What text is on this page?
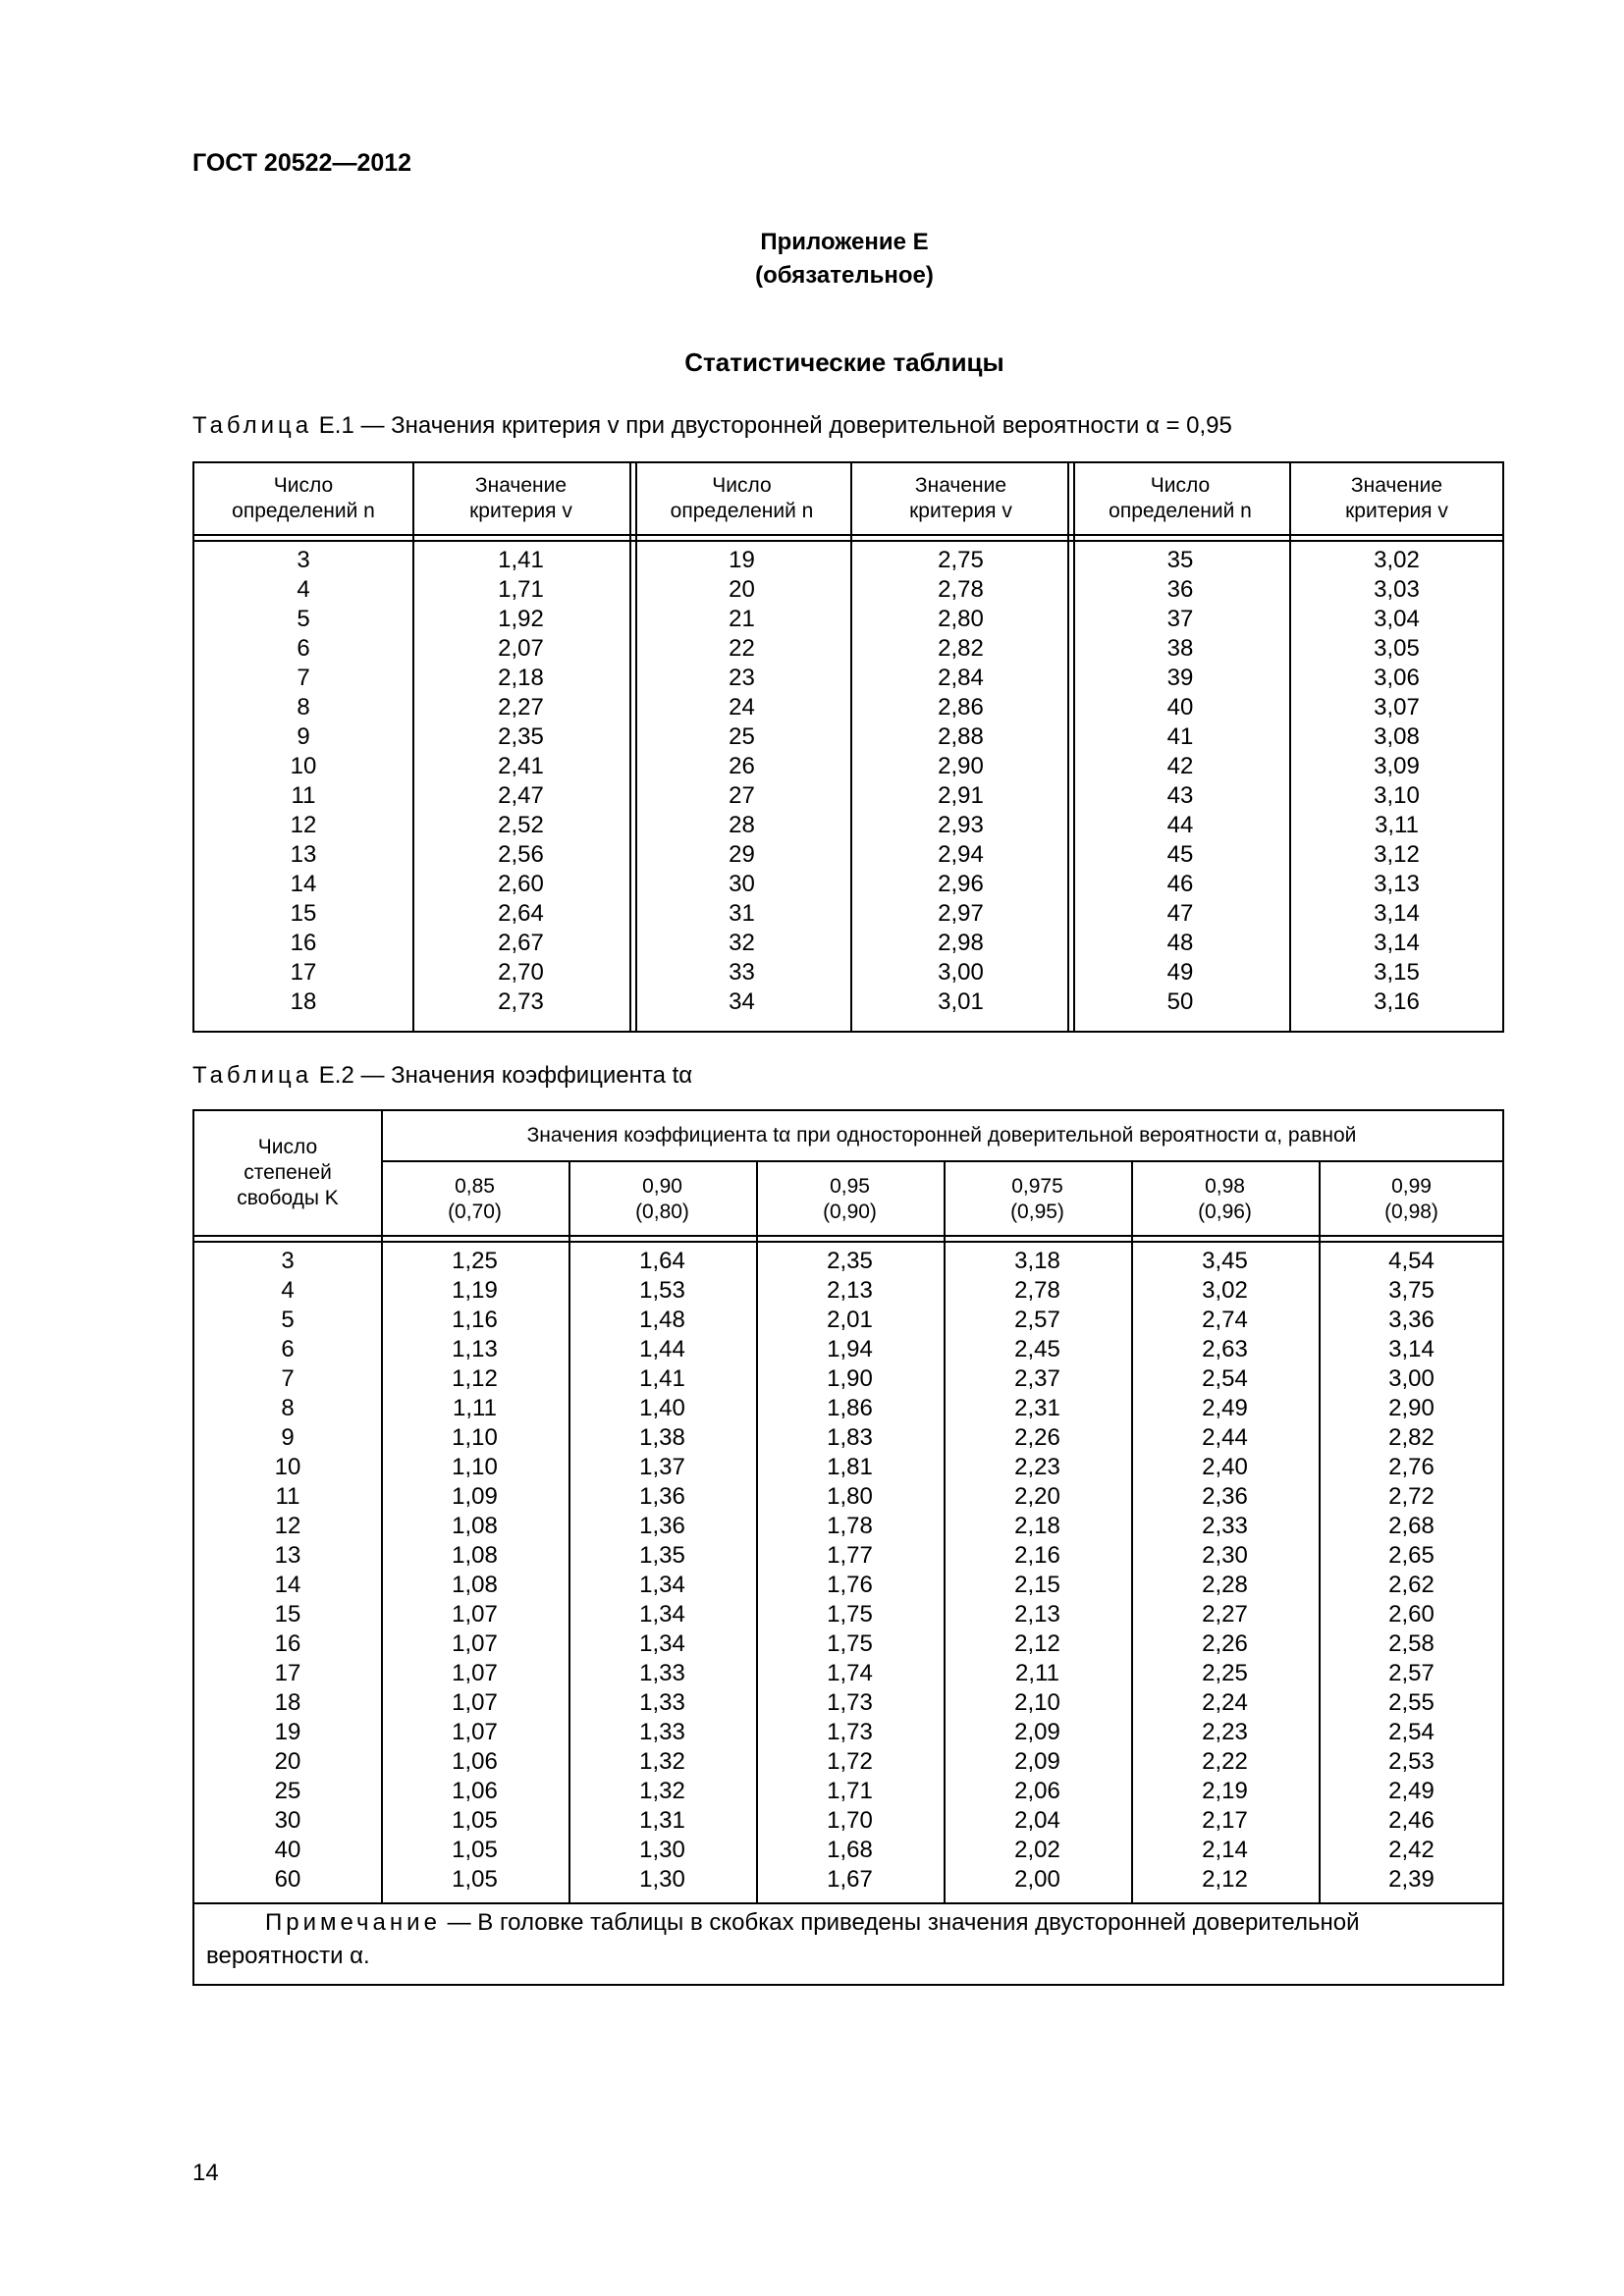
ГОСТ 20522—2012
Приложение Е
(обязательное)
Статистические таблицы
Таблица Е.1 — Значения критерия v при двусторонней доверительной вероятности α = 0,95
Число
определений n
Значение
критерия v
Число
определений n
Значение
критерия v
Число
определений n
Значение
критерия v
3
4
5
6
7
8
9
10
11
12
13
14
15
16
17
18
1,41
1,71
1,92
2,07
2,18
2,27
2,35
2,41
2,47
2,52
2,56
2,60
2,64
2,67
2,70
2,73
19
20
21
22
23
24
25
26
27
28
29
30
31
32
33
34
2,75
2,78
2,80
2,82
2,84
2,86
2,88
2,90
2,91
2,93
2,94
2,96
2,97
2,98
3,00
3,01
35
36
37
38
39
40
41
42
43
44
45
46
47
48
49
50
3,02
3,03
3,04
3,05
3,06
3,07
3,08
3,09
3,10
3,11
3,12
3,13
3,14
3,14
3,15
3,16
Таблица Е.2 — Значения коэффициента tα
Число
степеней
свободы K
Значения коэффициента tα при односторонней доверительной вероятности α, равной
0,85
(0,70)
0,90
(0,80)
0,95
(0,90)
0,975
(0,95)
0,98
(0,96)
0,99
(0,98)
3
4
5
6
7
8
9
10
11
12
13
14
15
16
17
18
19
20
25
30
40
60
1,25
1,19
1,16
1,13
1,12
1,11
1,10
1,10
1,09
1,08
1,08
1,08
1,07
1,07
1,07
1,07
1,07
1,06
1,06
1,05
1,05
1,05
1,64
1,53
1,48
1,44
1,41
1,40
1,38
1,37
1,36
1,36
1,35
1,34
1,34
1,34
1,33
1,33
1,33
1,32
1,32
1,31
1,30
1,30
2,35
2,13
2,01
1,94
1,90
1,86
1,83
1,81
1,80
1,78
1,77
1,76
1,75
1,75
1,74
1,73
1,73
1,72
1,71
1,70
1,68
1,67
3,18
2,78
2,57
2,45
2,37
2,31
2,26
2,23
2,20
2,18
2,16
2,15
2,13
2,12
2,11
2,10
2,09
2,09
2,06
2,04
2,02
2,00
3,45
3,02
2,74
2,63
2,54
2,49
2,44
2,40
2,36
2,33
2,30
2,28
2,27
2,26
2,25
2,24
2,23
2,22
2,19
2,17
2,14
2,12
4,54
3,75
3,36
3,14
3,00
2,90
2,82
2,76
2,72
2,68
2,65
2,62
2,60
2,58
2,57
2,55
2,54
2,53
2,49
2,46
2,42
2,39
Примечание — В головке таблицы в скобках приведены значения двусторонней доверительной вероятности α.
14
